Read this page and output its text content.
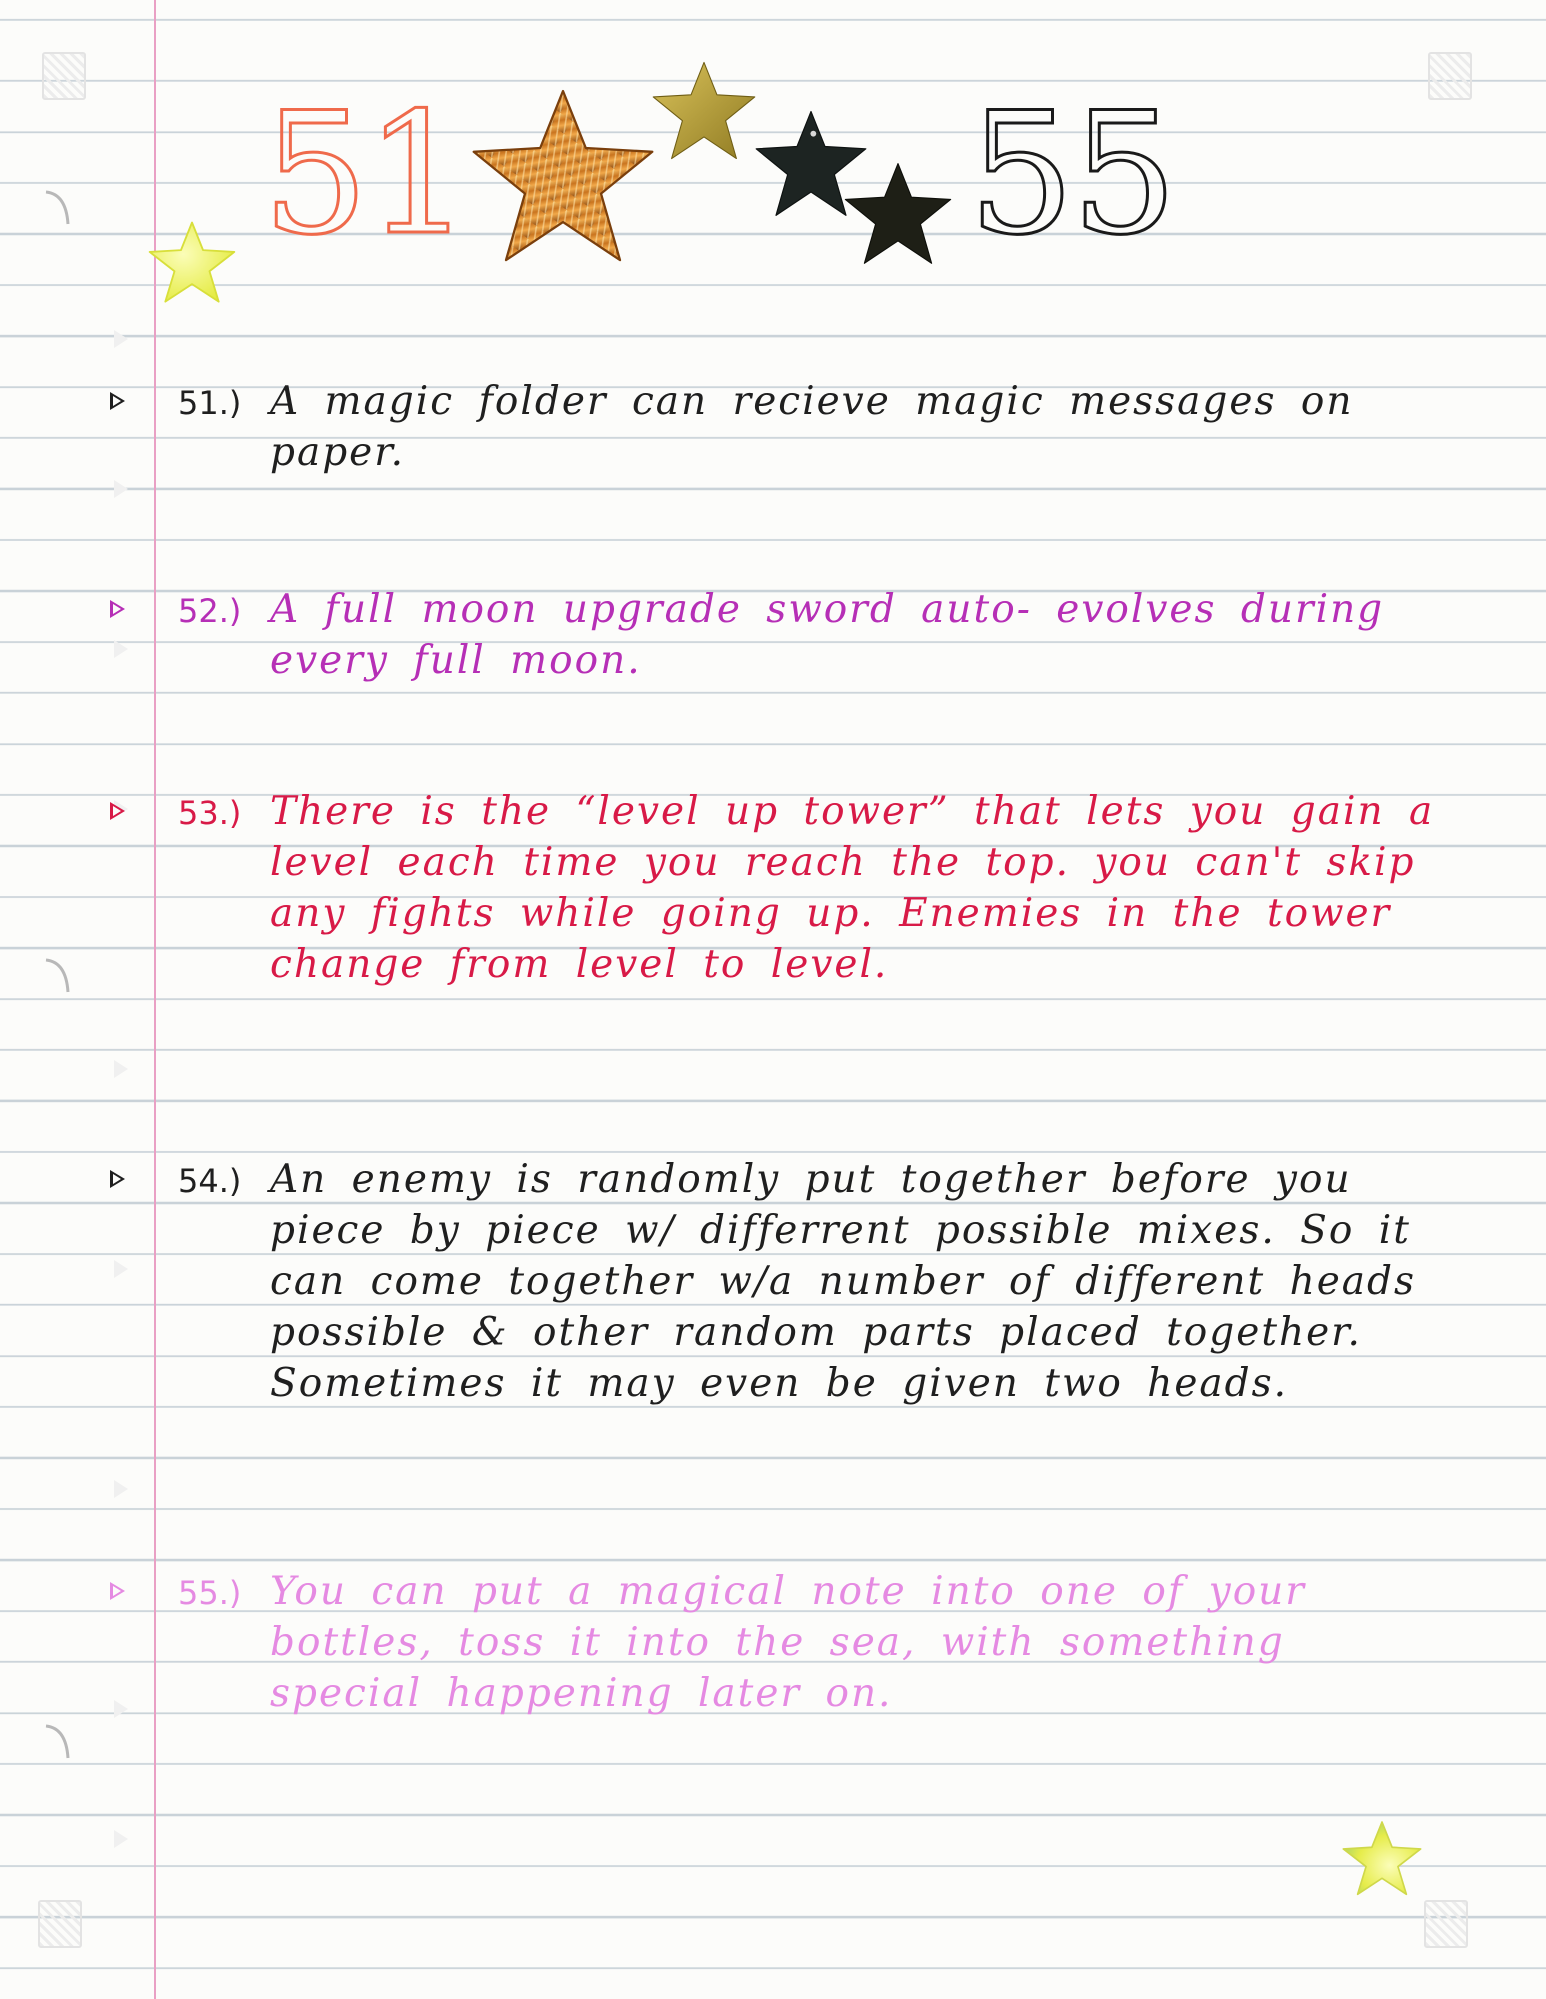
51	55
51.) A magic folder can recieve magic messages on paper.

52.) A full moon upgrade sword auto- evolves during every full moon.

53.) There is the “level up tower” that lets you gain a level each time you reach the top. you can't skip any fights while going up. Enemies in the tower change from level to level.

54.) An enemy is randomly put together before you piece by piece w/ differrent possible mixes. So it can come together w/a number of different heads possible & other random parts placed together. Sometimes it may even be given two heads.

55.) You can put a magical note into one of your bottles, toss it into the sea, with something special happening later on.
